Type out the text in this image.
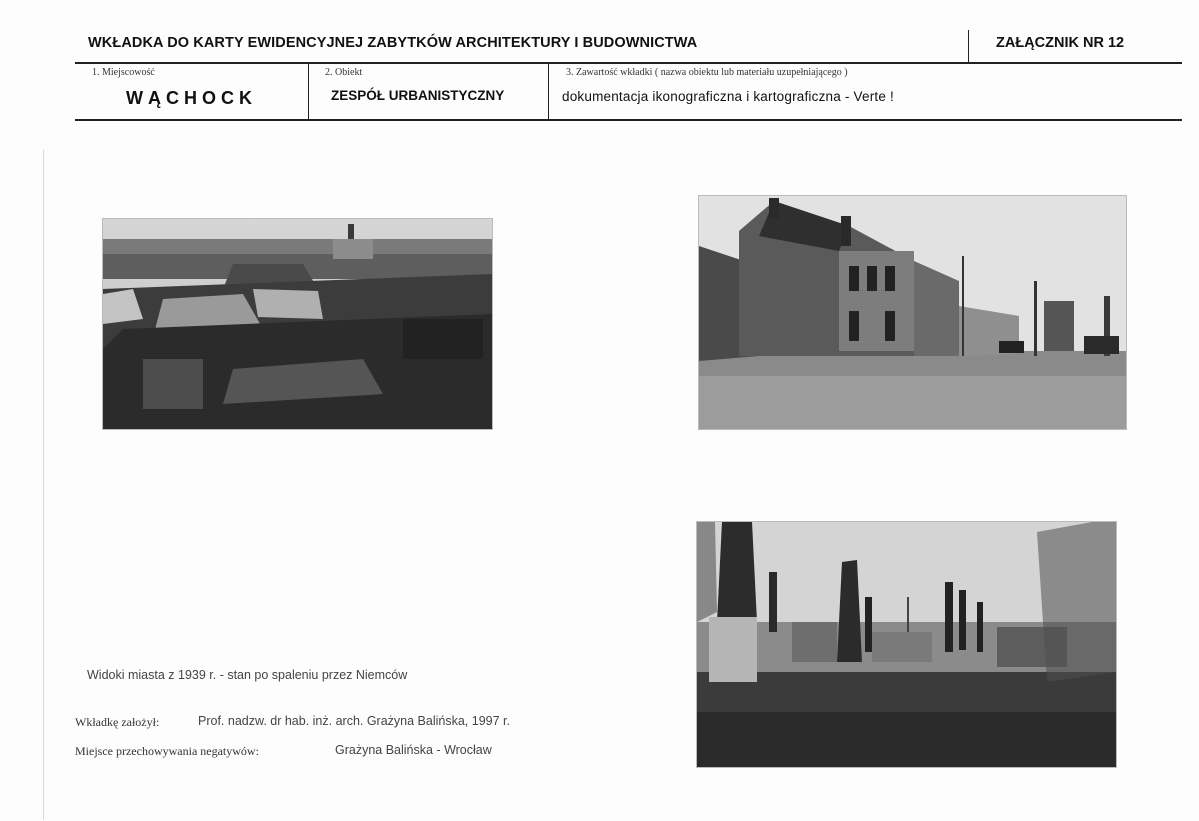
WKŁADKA DO KARTY EWIDENCYJNEJ ZABYTKÓW ARCHITEKTURY I BUDOWNICTWA	ZAŁĄCZNIK NR 12
1. Miejscowość
WĄCHOCK
2. Obiekt
ZESPÓŁ URBANISTYCZNY
3. Zawartość wkładki ( nazwa obiektu lub materiału uzupełniającego )
dokumentacja ikonograficzna i kartograficzna - Verte !
Widoki miasta z 1939 r. - stan po spaleniu przez Niemców
Wkładkę założył:	Prof. nadzw. dr hab. inż. arch. Grażyna Balińska, 1997 r.
Miejsce przechowywania negatywów:	Grażyna Balińska - Wrocław
